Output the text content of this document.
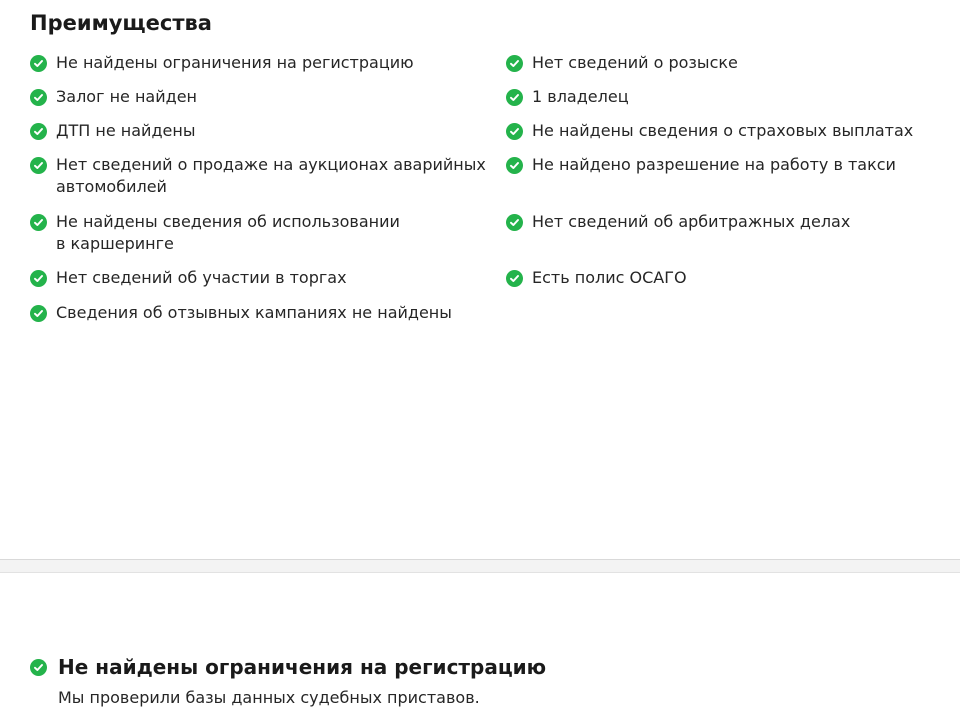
Преимущества
Не найдены ограничения на регистрацию
Залог не найден
ДТП не найдены
Нет сведений о продаже на аукционах аварийных автомобилей
Не найдены сведения об использовании в каршеринге
Нет сведений об участии в торгах
Сведения об отзывных кампаниях не найдены
Нет сведений о розыске
1 владелец
Не найдены сведения о страховых выплатах
Не найдено разрешение на работу в такси
Нет сведений об арбитражных делах
Есть полис ОСАГО
Не найдены ограничения на регистрацию

Мы проверили базы данных судебных приставов.
